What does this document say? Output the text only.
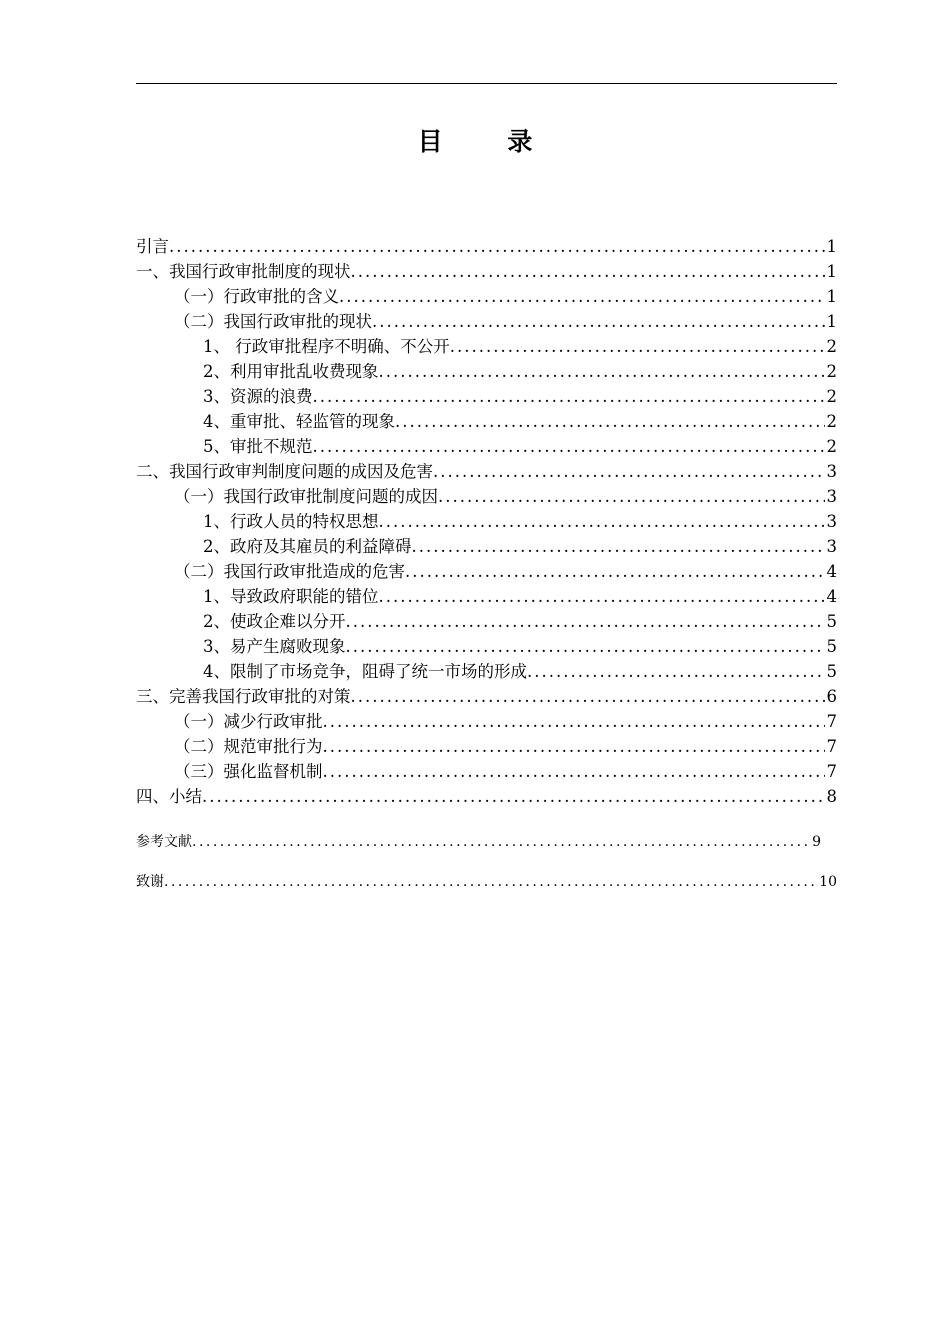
目 录
引言 .....	1
一、我国行政审批制度的现状 .....	1
（一）行政审批的含义 .....	1
（二）我国行政审批的现状 .....	1
1、 行政审批程序不明确、不公开 .....	2
2、利用审批乱收费现象 .....	2
3、资源的浪费 .....	2
4、重审批、轻监管的现象 .....	2
5、审批不规范 .....	2
二、我国行政审判制度问题的成因及危害 .....	3
（一）我国行政审批制度问题的成因 .....	3
1、行政人员的特权思想 .....	3
2、政府及其雇员的利益障碍 .....	3
（二）我国行政审批造成的危害 .....	4
1、导致政府职能的错位 .....	4
2、使政企难以分开 .....	5
3、易产生腐败现象 .....	5
4、限制了市场竞争，阻碍了统一市场的形成 .....	5
三、完善我国行政审批的对策 .....	6
（一）减少行政审批 .....	7
（二）规范审批行为 .....	7
（三）强化监督机制 .....	7
四、小结 .....	8
参考文献 .....	9
致谢 .....	10
